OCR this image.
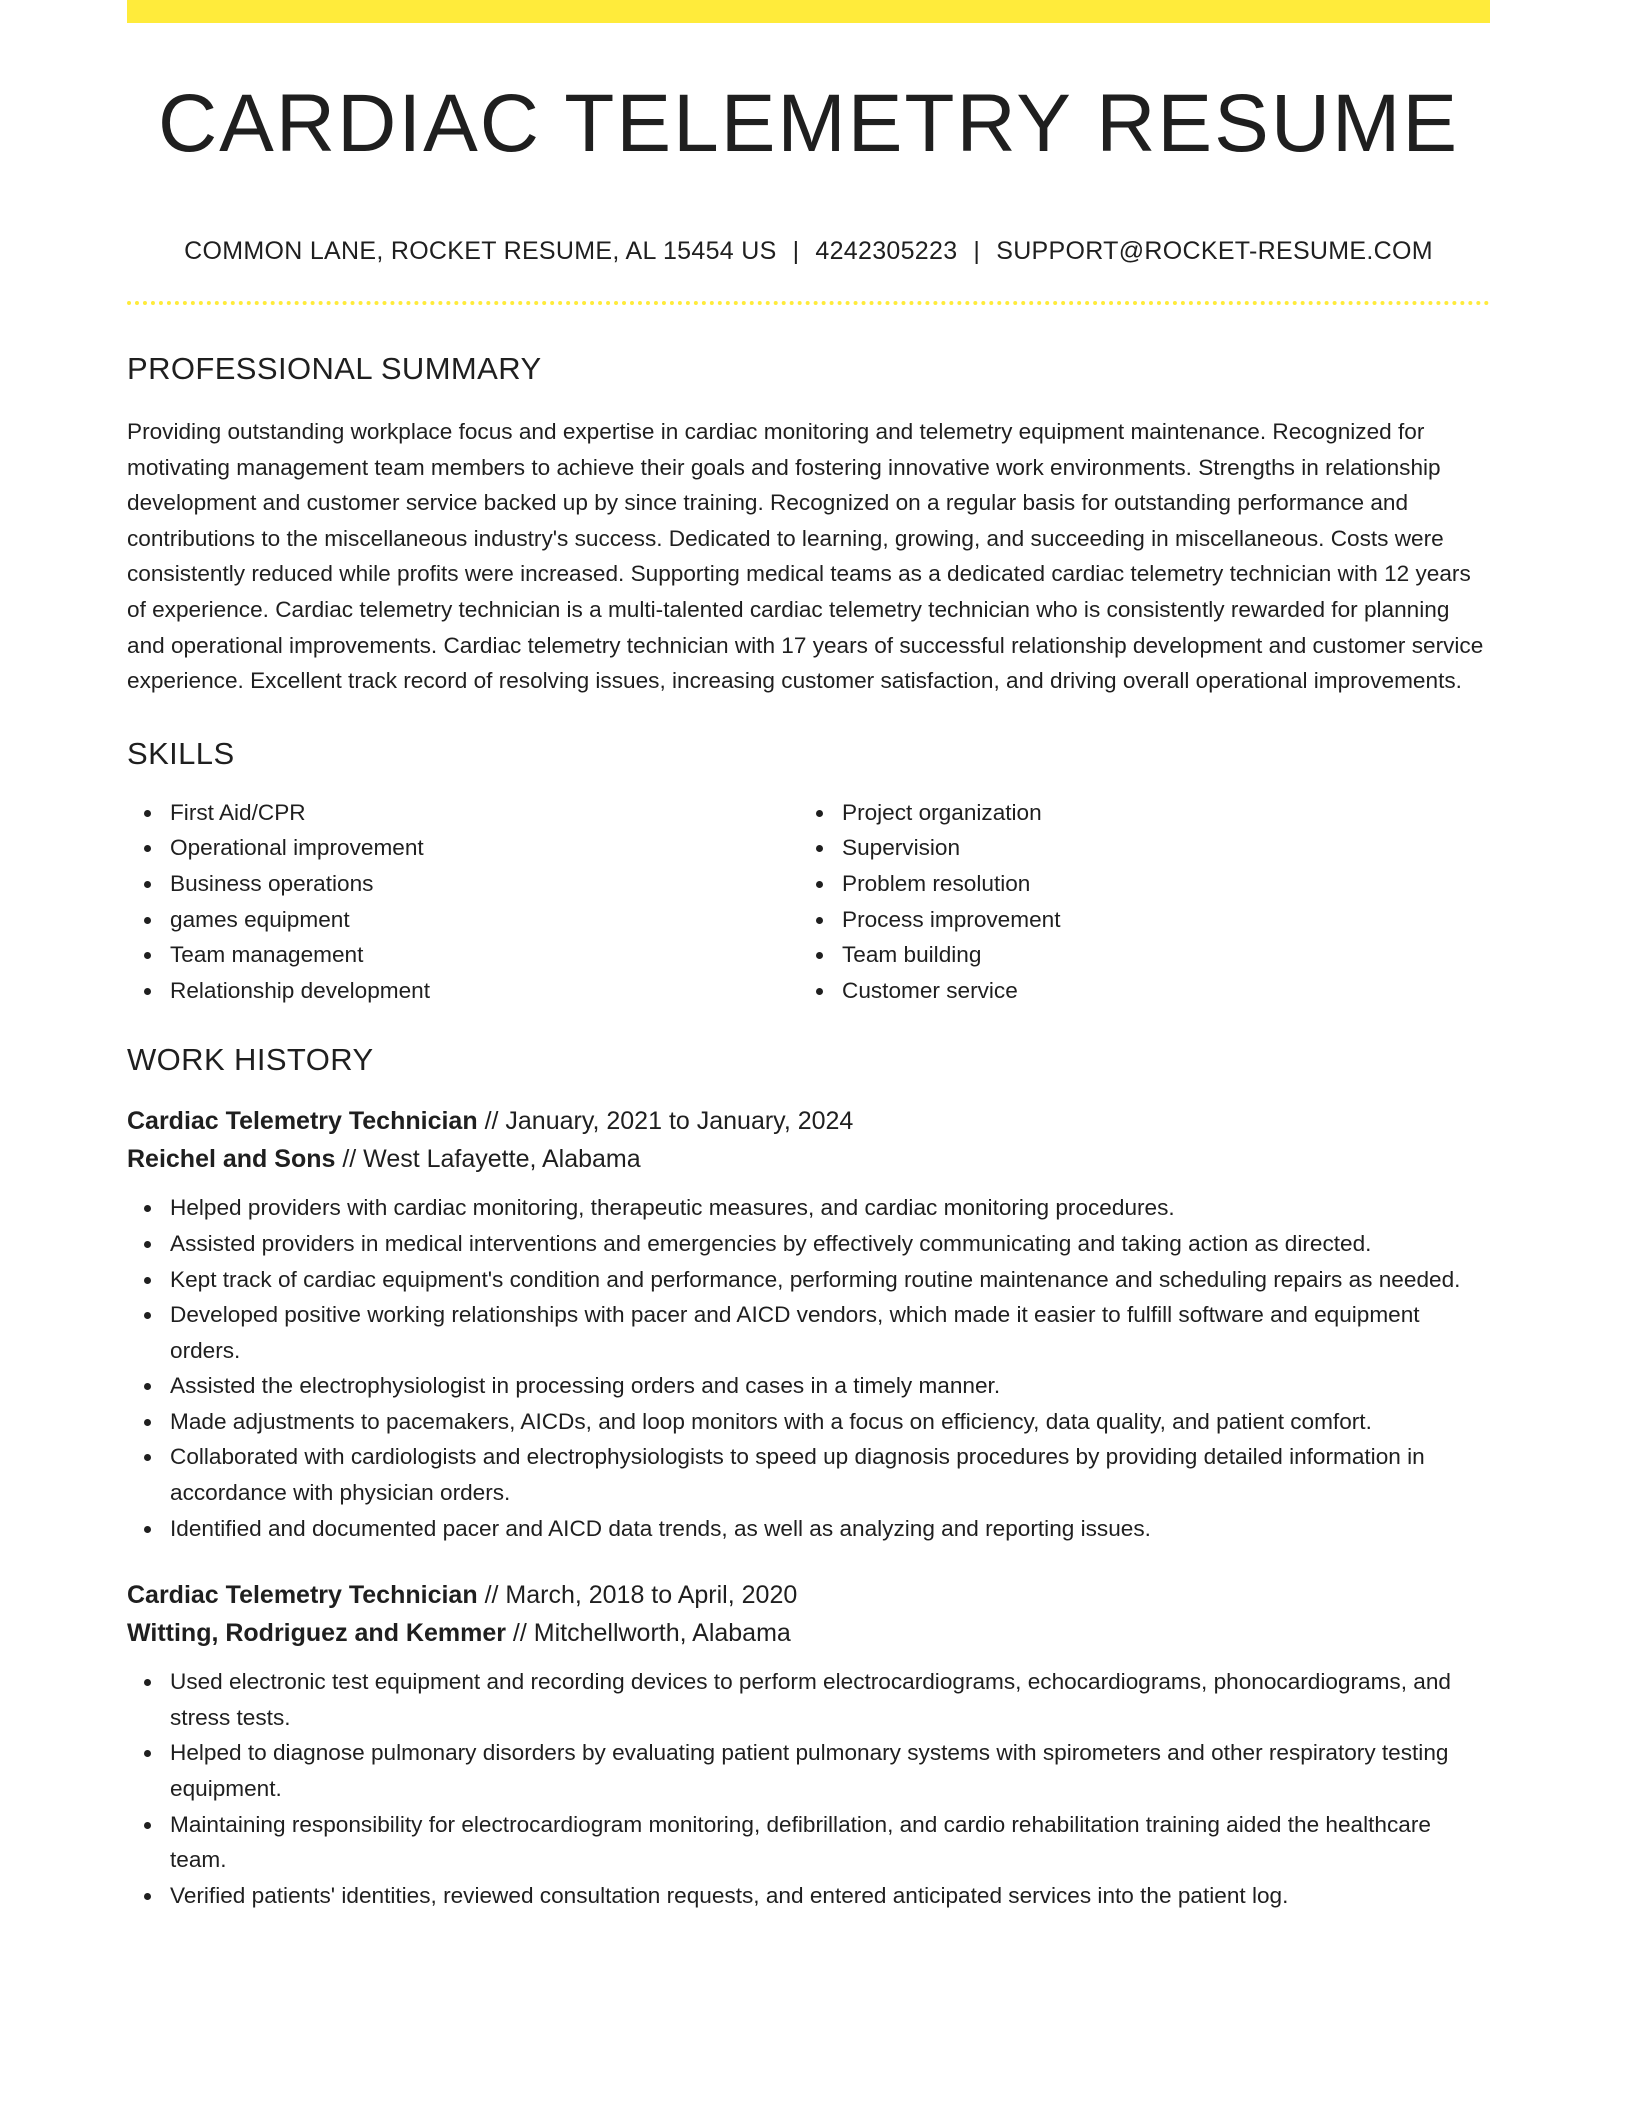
CARDIAC TELEMETRY RESUME
COMMON LANE, ROCKET RESUME, AL 15454 US | 4242305223 | SUPPORT@ROCKET-RESUME.COM
PROFESSIONAL SUMMARY

Providing outstanding workplace focus and expertise in cardiac monitoring and telemetry equipment maintenance. Recognized for motivating management team members to achieve their goals and fostering innovative work environments. Strengths in relationship development and customer service backed up by since training. Recognized on a regular basis for outstanding performance and contributions to the miscellaneous industry's success. Dedicated to learning, growing, and succeeding in miscellaneous. Costs were consistently reduced while profits were increased. Supporting medical teams as a dedicated cardiac telemetry technician with 12 years of experience. Cardiac telemetry technician is a multi-talented cardiac telemetry technician who is consistently rewarded for planning and operational improvements. Cardiac telemetry technician with 17 years of successful relationship development and customer service experience. Excellent track record of resolving issues, increasing customer satisfaction, and driving overall operational improvements.

SKILLS
First Aid/CPR
Operational improvement
Business operations
games equipment
Team management
Relationship development
Project organization
Supervision
Problem resolution
Process improvement
Team building
Customer service
WORK HISTORY
Cardiac Telemetry Technician // January, 2021 to January, 2024
Reichel and Sons // West Lafayette, Alabama
Helped providers with cardiac monitoring, therapeutic measures, and cardiac monitoring procedures.
Assisted providers in medical interventions and emergencies by effectively communicating and taking action as directed.
Kept track of cardiac equipment's condition and performance, performing routine maintenance and scheduling repairs as needed.
Developed positive working relationships with pacer and AICD vendors, which made it easier to fulfill software and equipment orders.
Assisted the electrophysiologist in processing orders and cases in a timely manner.
Made adjustments to pacemakers, AICDs, and loop monitors with a focus on efficiency, data quality, and patient comfort.
Collaborated with cardiologists and electrophysiologists to speed up diagnosis procedures by providing detailed information in accordance with physician orders.
Identified and documented pacer and AICD data trends, as well as analyzing and reporting issues.
Cardiac Telemetry Technician // March, 2018 to April, 2020
Witting, Rodriguez and Kemmer // Mitchellworth, Alabama
Used electronic test equipment and recording devices to perform electrocardiograms, echocardiograms, phonocardiograms, and stress tests.
Helped to diagnose pulmonary disorders by evaluating patient pulmonary systems with spirometers and other respiratory testing equipment.
Maintaining responsibility for electrocardiogram monitoring, defibrillation, and cardio rehabilitation training aided the healthcare team.
Verified patients' identities, reviewed consultation requests, and entered anticipated services into the patient log.
